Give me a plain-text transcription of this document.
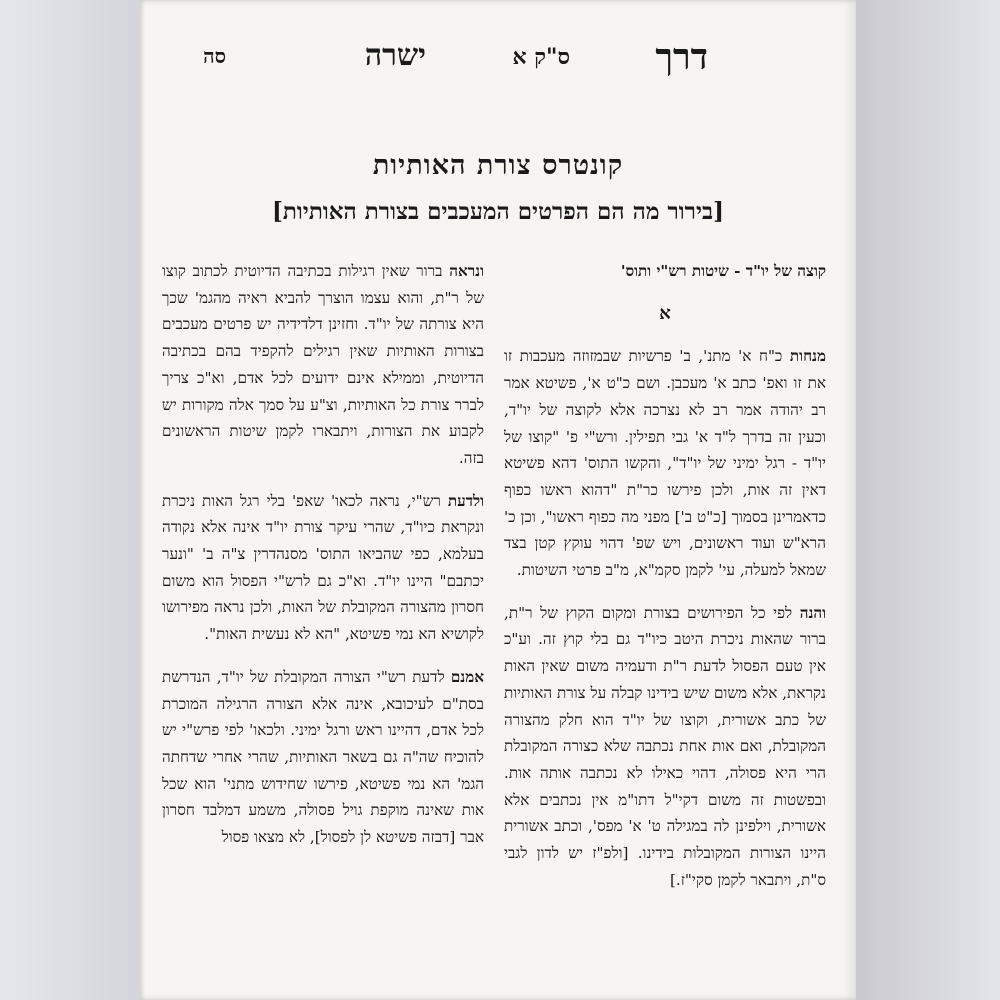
דרך
ס"ק א
ישרה
סה
קונטרס צורת האותיות
[בירור מה הם הפרטים המעכבים בצורת האותיות]

קוצה של יו"ד - שיטות רש"י ותוס'

א

מנחות כ"ח א' מתנ', ב' פרשיות שבמזוזה מעכבות זו את זו ואפ' כתב א' מעכבן. ושם כ"ט א', פשיטא אמר רב יהודה אמר רב לא נצרכה אלא לקוצה של יו"ד, וכעין זה בדרך ל"ד א' גבי תפילין. ורש"י פ' "קוצו של יו"ד - רגל ימיני של יו"ד", והקשו התוס' דהא פשיטא דאין זה אות, ולכן פירשו כר"ת "דהוא ראשו כפוף כדאמרינן בסמוך [כ"ט ב'] מפני מה כפוף ראשו", וכן כ' הרא"ש ועוד ראשונים, ויש שפ' דהוי עוקץ קטן בצד שמאל למעלה, עי' לקמן סקמ"א, מ"ב פרטי השיטות.

והנה לפי כל הפירושים בצורת ומקום הקוץ של ר"ת, ברור שהאות ניכרת היטב כיו"ד גם בלי קוץ זה. וע"כ אין טעם הפסול לדעת ר"ת ודעמיה משום שאין האות נקראת, אלא משום שיש בידינו קבלה על צורת האותיות של כתב אשורית, וקוצו של יו"ד הוא חלק מהצורה המקובלת, ואם אות אחת נכתבה שלא כצורה המקובלת הרי היא פסולה, דהוי כאילו לא נכתבה אותה אות. ובפשטות זה משום דקי"ל דתו"מ אין נכתבים אלא אשורית, וילפינן לה במגילה ט' א' מפס', וכתב אשורית היינו הצורות המקובלות בידינו. [ולפ"ז יש לדון לגבי ס"ת, ויתבאר לקמן סקי"ז.]

ונראה ברור שאין רגילות בכתיבה הדיוטית לכתוב קוצו של ר"ת, והוא עצמו הוצרך להביא ראיה מהגמ' שכך היא צורתה של יו"ד. וחזינן דלדידיה יש פרטים מעכבים בצורות האותיות שאין רגילים להקפיד בהם בכתיבה הדיוטית, וממילא אינם ידועים לכל אדם, וא"כ צריך לברר צורת כל האותיות, וצ"ע על סמך אלה מקורות יש לקבוע את הצורות, ויתבארו לקמן שיטות הראשונים בזה.

ולדעת רש"י, נראה לכאו' שאפ' בלי רגל האות ניכרת ונקראת כיו"ד, שהרי עיקר צורת יו"ד אינה אלא נקודה בעלמא, כפי שהביאו התוס' מסנהדרין צ"ה ב' "ונער יכתבם" היינו יו"ד. וא"כ גם לרש"י הפסול הוא משום חסרון מהצורה המקובלת של האות, ולכן נראה מפירושו לקושיא הא נמי פשיטא, "הא לא נעשית האות".

אמנם לדעת רש"י הצורה המקובלת של יו"ד, הנדרשת בסת"ם לעיכובא, אינה אלא הצורה הרגילה המוכרת לכל אדם, דהיינו ראש ורגל ימיני. ולכאו' לפי פרש"י יש להוכיח שה"ה גם בשאר האותיות, שהרי אחרי שדחתה הגמ' הא נמי פשיטא, פירשו שחידוש מתני' הוא שכל אות שאינה מוקפת גויל פסולה, משמע דמלבד חסרון אבר [דבזה פשיטא לן לפסול], לא מצאו פסול
